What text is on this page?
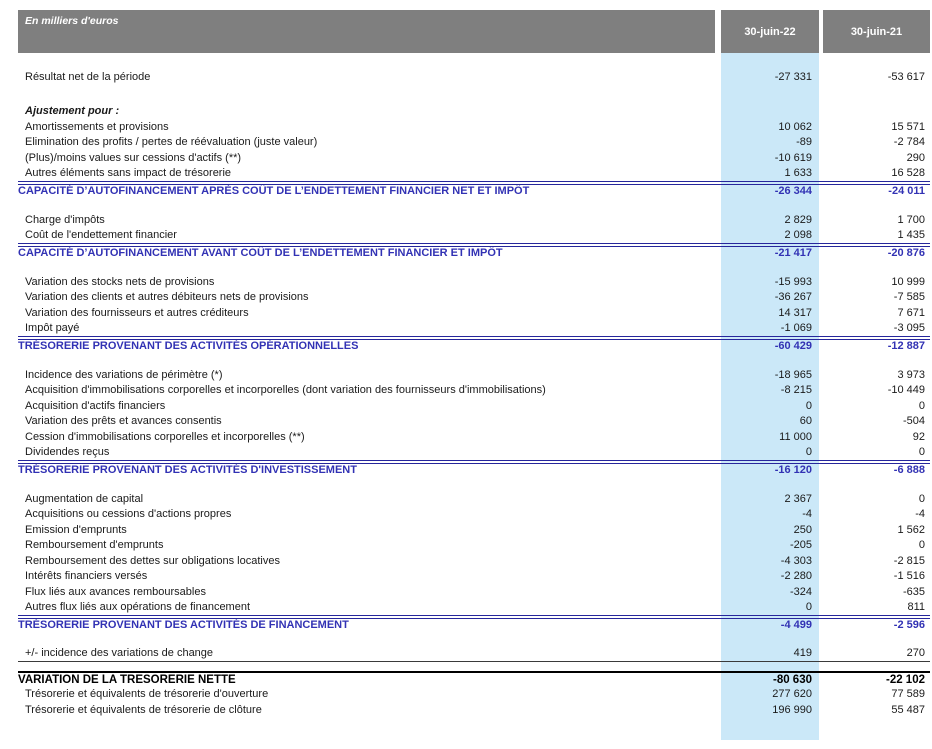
En milliers d'euros
30-juin-22	30-juin-21
Résultat net de la période	-27 331	-53 617
Ajustement pour :
Amortissements et provisions	10 062	15 571
Elimination des profits / pertes de réévaluation (juste valeur)	-89	-2 784
(Plus)/moins values sur cessions d'actifs (**)	-10 619	290
Autres éléments sans impact de trésorerie	1 633	16 528
CAPACITÉ D’AUTOFINANCEMENT APRÈS COÛT DE L’ENDETTEMENT FINANCIER NET ET IMPÔT	-26 344	-24 011
Charge d'impôts	2 829	1 700
Coût de l'endettement financier	2 098	1 435
CAPACITÉ D’AUTOFINANCEMENT AVANT COÛT DE L’ENDETTEMENT FINANCIER ET IMPÔT	-21 417	-20 876
Variation des stocks nets de provisions	-15 993	10 999
Variation des clients et autres débiteurs nets de provisions	-36 267	-7 585
Variation des fournisseurs et autres créditeurs	14 317	7 671
Impôt payé	-1 069	-3 095
TRÉSORERIE PROVENANT DES ACTIVITÉS OPÉRATIONNELLES	-60 429	-12 887
Incidence des variations de périmètre (*)	-18 965	3 973
Acquisition d'immobilisations corporelles et incorporelles (dont variation des fournisseurs d'immobilisations)	-8 215	-10 449
Acquisition d'actifs financiers	0	0
Variation des prêts et avances consentis	60	-504
Cession d'immobilisations corporelles et incorporelles (**)	11 000	92
Dividendes reçus	0	0
TRÉSORERIE PROVENANT DES ACTIVITÉS D'INVESTISSEMENT	-16 120	-6 888
Augmentation de capital	2 367	0
Acquisitions ou cessions d'actions propres	-4	-4
Emission d'emprunts	250	1 562
Remboursement d'emprunts	-205	0
Remboursement des dettes sur obligations locatives	-4 303	-2 815
Intérêts financiers versés	-2 280	-1 516
Flux liés aux avances remboursables	-324	-635
Autres flux liés aux opérations de financement	0	811
TRÉSORERIE PROVENANT DES ACTIVITÉS DE FINANCEMENT	-4 499	-2 596
+/- incidence des variations de change	419	270
VARIATION DE LA TRESORERIE NETTE	-80 630	-22 102
Trésorerie et équivalents de trésorerie d'ouverture	277 620	77 589
Trésorerie et équivalents de trésorerie de clôture	196 990	55 487
